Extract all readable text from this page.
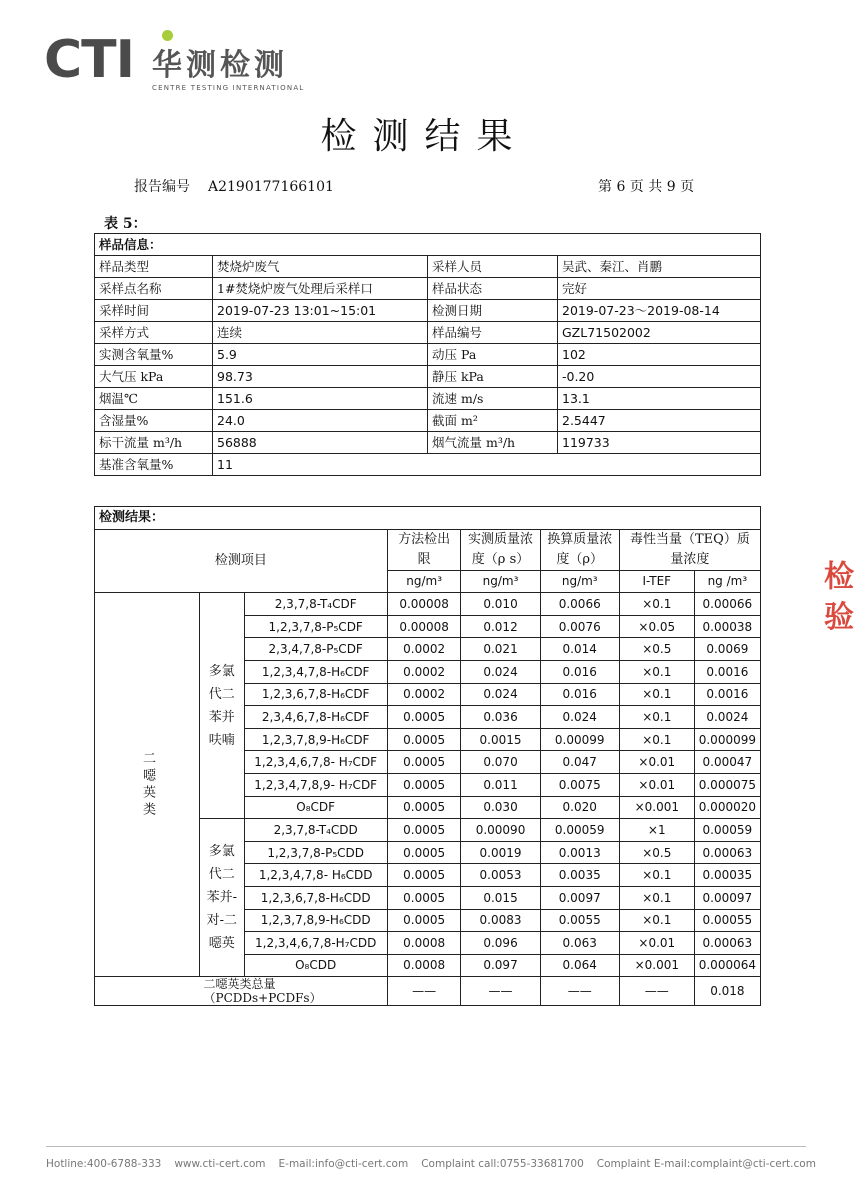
CTI 华测检测
CENTRE TESTING INTERNATIONAL
检测结果
报告编号 A2190177166101	第 6 页 共 9 页
表 5：
样品信息：			
样品类型	焚烧炉废气	采样人员	吴武、秦江、肖鹏
采样点名称	1#焚烧炉废气处理后采样口	样品状态	完好
采样时间	2019-07-23 13:01~15:01	检测日期	2019-07-23～2019-08-14
采样方式	连续	样品编号	GZL71502002
实测含氧量%	5.9	动压 Pa	102
大气压 kPa	98.73	静压 kPa	-0.20
烟温℃	151.6	流速 m/s	13.1
含湿量%	24.0	截面 m²	2.5447
标干流量 m³/h	56888	烟气流量 m³/h	119733
基准含氧量%	11		
检测结果：							
检测项目			方法检出限	实测质量浓度（ρ s）	换算质量浓度（ρ）	毒性当量（TEQ）质量浓度	

			ng/m³	ng/m³	ng/m³	I-TEF	ng /m³
二噁英类	多氯代二苯并呋喃	2,3,7,8-T₄CDF	0.00008	0.010	0.0066	×0.1	0.00066
		1,2,3,7,8-P₅CDF	0.00008	0.012	0.0076	×0.05	0.00038
		2,3,4,7,8-P₅CDF	0.0002	0.021	0.014	×0.5	0.0069
		1,2,3,4,7,8-H₆CDF	0.0002	0.024	0.016	×0.1	0.0016
		1,2,3,6,7,8-H₆CDF	0.0002	0.024	0.016	×0.1	0.0016
		2,3,4,6,7,8-H₆CDF	0.0005	0.036	0.024	×0.1	0.0024
		1,2,3,7,8,9-H₆CDF	0.0005	0.0015	0.00099	×0.1	0.000099
		1,2,3,4,6,7,8- H₇CDF	0.0005	0.070	0.047	×0.01	0.00047
		1,2,3,4,7,8,9- H₇CDF	0.0005	0.011	0.0075	×0.01	0.000075
		O₈CDF	0.0005	0.030	0.020	×0.001	0.000020
	多氯代二苯并-对-二噁英	2,3,7,8-T₄CDD	0.0005	0.00090	0.00059	×1	0.00059
		1,2,3,7,8-P₅CDD	0.0005	0.0019	0.0013	×0.5	0.00063
		1,2,3,4,7,8- H₆CDD	0.0005	0.0053	0.0035	×0.1	0.00035
		1,2,3,6,7,8-H₆CDD	0.0005	0.015	0.0097	×0.1	0.00097
		1,2,3,7,8,9-H₆CDD	0.0005	0.0083	0.0055	×0.1	0.00055
		1,2,3,4,6,7,8-H₇CDD	0.0008	0.096	0.063	×0.01	0.00063
		O₈CDD	0.0008	0.097	0.064	×0.001	0.000064
	二噁英类总量（PCDDs+PCDFs）		——	——	——	——	0.018
检 验
Hotline:400-6788-333 www.cti-cert.com E-mail:info@cti-cert.com Complaint call:0755-33681700 Complaint E-mail:complaint@cti-cert.com
